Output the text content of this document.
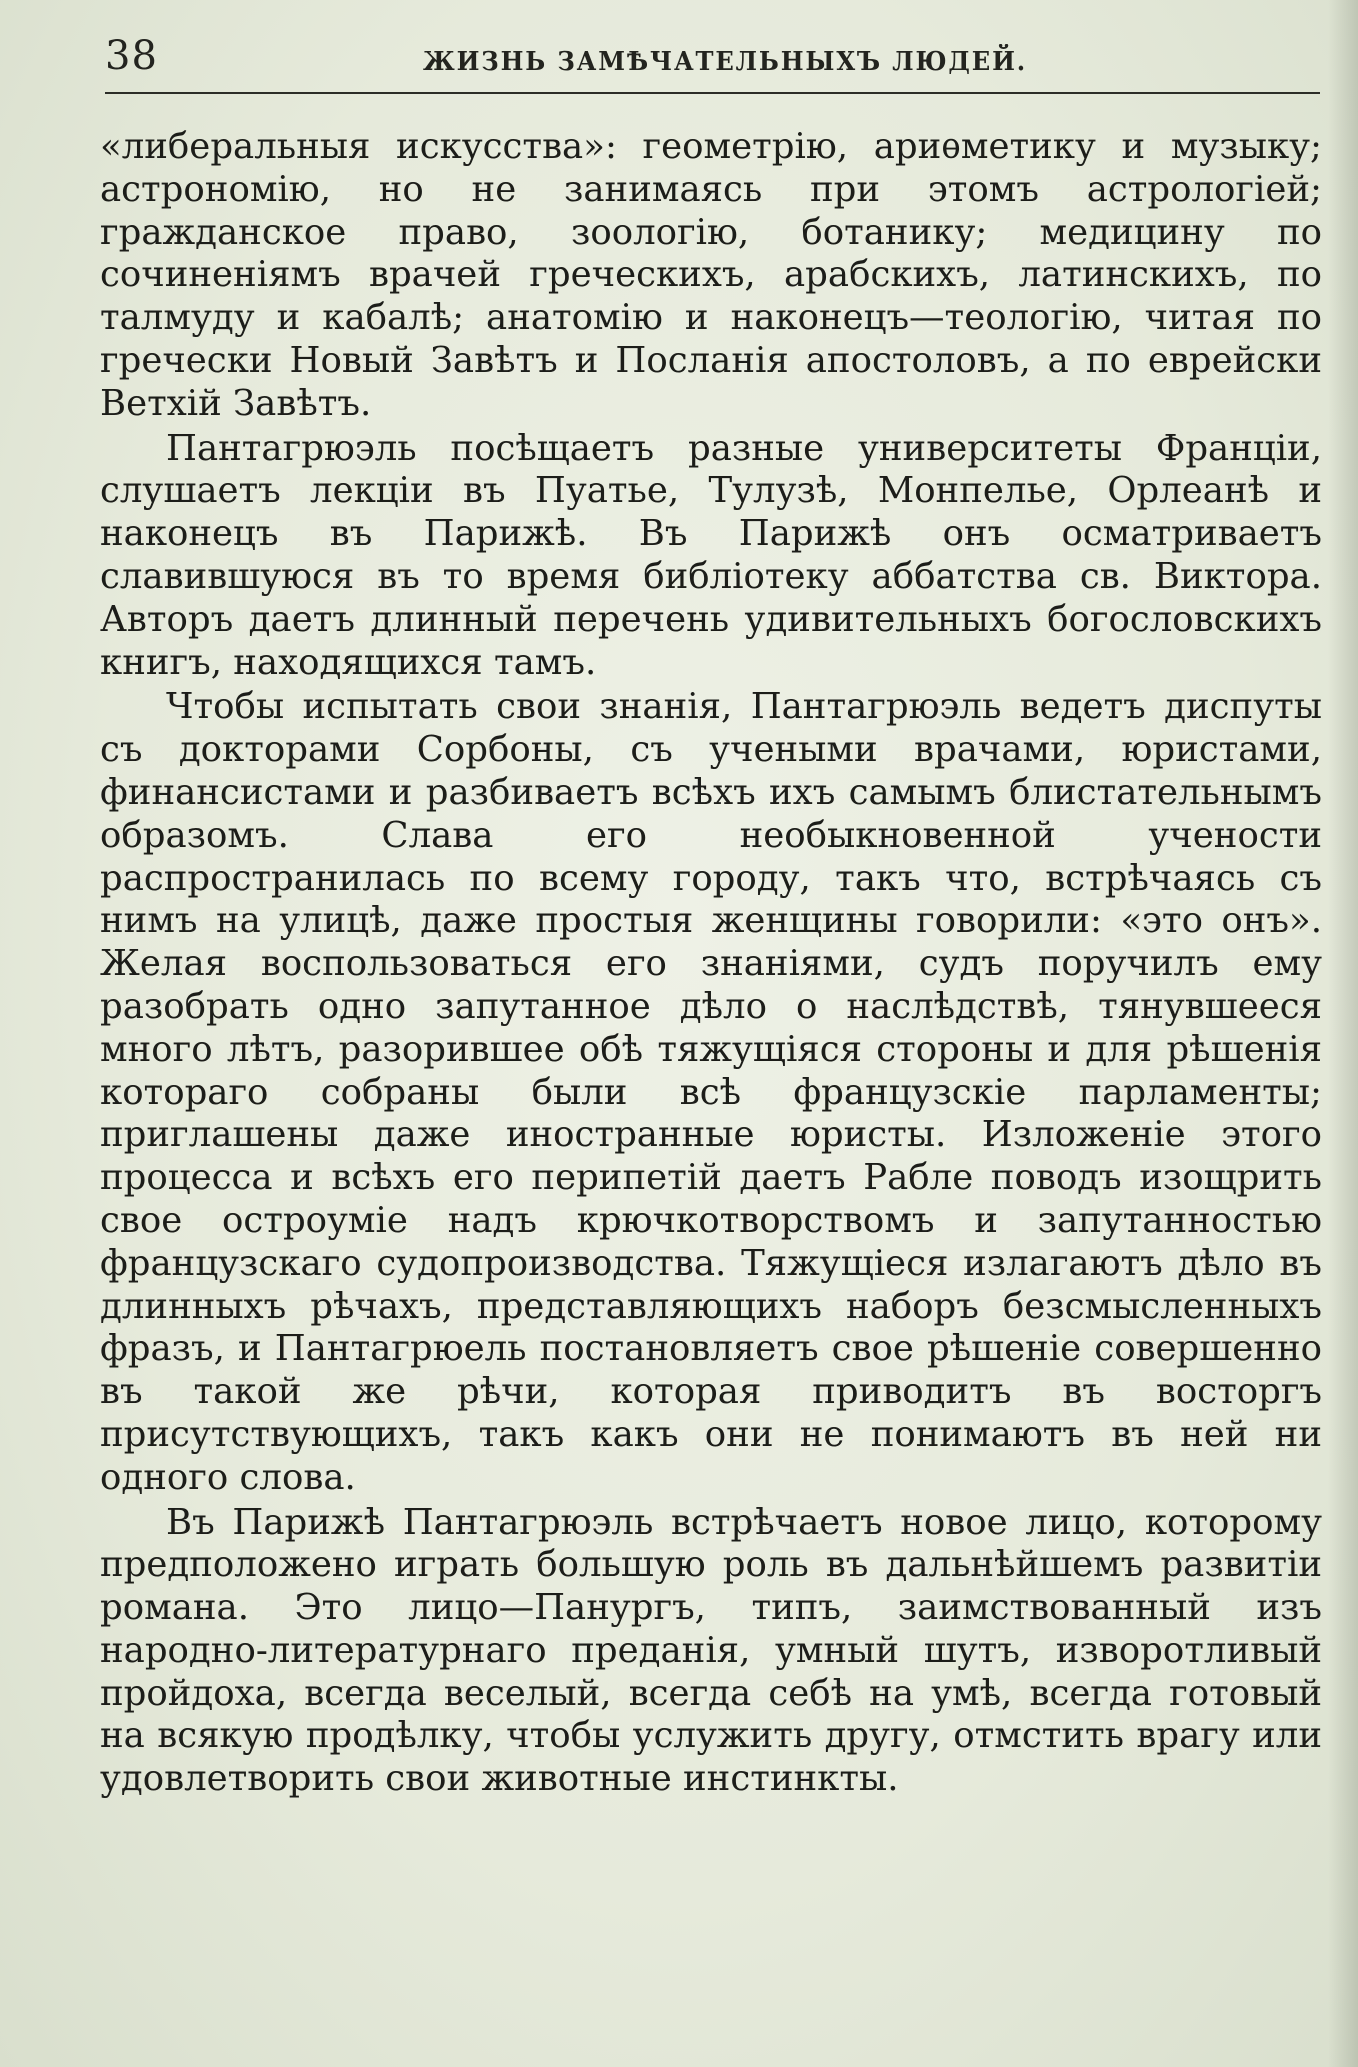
38	ЖИЗНЬ ЗАМѢЧАТЕЛЬНЫХЪ ЛЮДЕЙ.

«либеральныя искусства»: геометрію, ариѳметику и музыку; астрономію, но не занимаясь при этомъ астрологіей; гражданское право, зоологію, ботанику; медицину по сочиненіямъ врачей греческихъ, арабскихъ, латинскихъ, по талмуду и кабалѣ; анатомію и наконецъ—теологію, читая по гречески Новый Завѣтъ и Посланія апостоловъ, а по еврейски Ветхій Завѣтъ.

Пантагрюэль посѣщаетъ разные университеты Франціи, слушаетъ лекціи въ Пуатье, Тулузѣ, Монпелье, Орлеанѣ и наконецъ въ Парижѣ. Въ Парижѣ онъ осматриваетъ славившуюся въ то время библіотеку аббатства св. Виктора. Авторъ даетъ длинный перечень удивительныхъ богословскихъ книгъ, находящихся тамъ.

Чтобы испытать свои знанія, Пантагрюэль ведетъ диспуты съ докторами Сорбоны, съ учеными врачами, юристами, финансистами и разбиваетъ всѣхъ ихъ самымъ блистательнымъ образомъ. Слава его необыкновенной учености распространилась по всему городу, такъ что, встрѣчаясь съ нимъ на улицѣ, даже простыя женщины говорили: «это онъ». Желая воспользоваться его знаніями, судъ поручилъ ему разобрать одно запутанное дѣло о наслѣдствѣ, тянувшееся много лѣтъ, разорившее обѣ тяжущіяся стороны и для рѣшенія котораго собраны были всѣ французскіе парламенты; приглашены даже иностранные юристы. Изложеніе этого процесса и всѣхъ его перипетій даетъ Рабле поводъ изощрить свое остроуміе надъ крючкотворствомъ и запутанностью французскаго судопроизводства. Тяжущіеся излагаютъ дѣло въ длинныхъ рѣчахъ, представляющихъ наборъ безсмысленныхъ фразъ, и Пантагрюель постановляетъ свое рѣшеніе совершенно въ такой же рѣчи, которая приводитъ въ восторгъ присутствующихъ, такъ какъ они не понимаютъ въ ней ни одного слова.

Въ Парижѣ Пантагрюэль встрѣчаетъ новое лицо, которому предположено играть большую роль въ дальнѣйшемъ развитіи романа. Это лицо—Панургъ, типъ, заимствованный изъ народно-литературнаго преданія, умный шутъ, изворотливый пройдоха, всегда веселый, всегда себѣ на умѣ, всегда готовый на всякую продѣлку, чтобы услужить другу, отмстить врагу или удовлетворить свои животные инстинкты.
